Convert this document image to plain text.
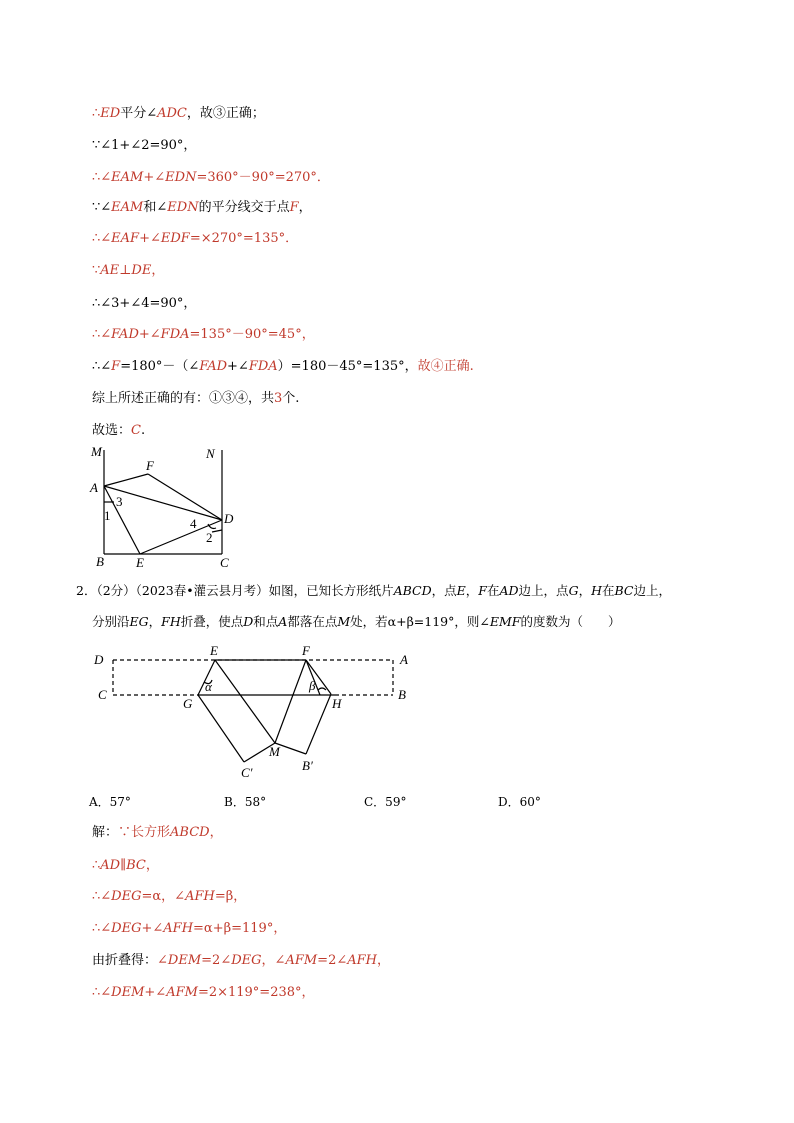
∴ED平分∠ADC，故③正确；
∵∠1+∠2=90°，
∴∠EAM+∠EDN=360°－90°=270°．
∵∠EAM和∠EDN的平分线交于点F，
∴∠EAF+∠EDF=×270°=135°．
∵AE⊥DE，
∴∠3+∠4=90°，
∴∠FAD+∠FDA=135°－90°=45°，
∴∠F=180°－（∠FAD+∠FDA）=180－45°=135°，故④正确.
综上所述正确的有：①③④，共3个.
故选：C.
M	N
F
A
3
1
4 D
2
B E	C
2．（2分）（2023春•灌云县月考）如图，已知长方形纸片ABCD，点E，F在AD边上，点G，H在BC边上，
分别沿EG，FH折叠，使点D和点A都落在点M处，若α+β=119°，则∠EMF的度数为（　　）
D
E	F
A
C
α	β
B
G	H
M
C′	B′
A．57°	B．58°	C．59°	D．60°
解：∵长方形ABCD，
∴AD∥BC，
∴∠DEG=α，∠AFH=β，
∴∠DEG+∠AFH=α+β=119°，
由折叠得：∠DEM=2∠DEG，∠AFM=2∠AFH，
∴∠DEM+∠AFM=2×119°=238°，
